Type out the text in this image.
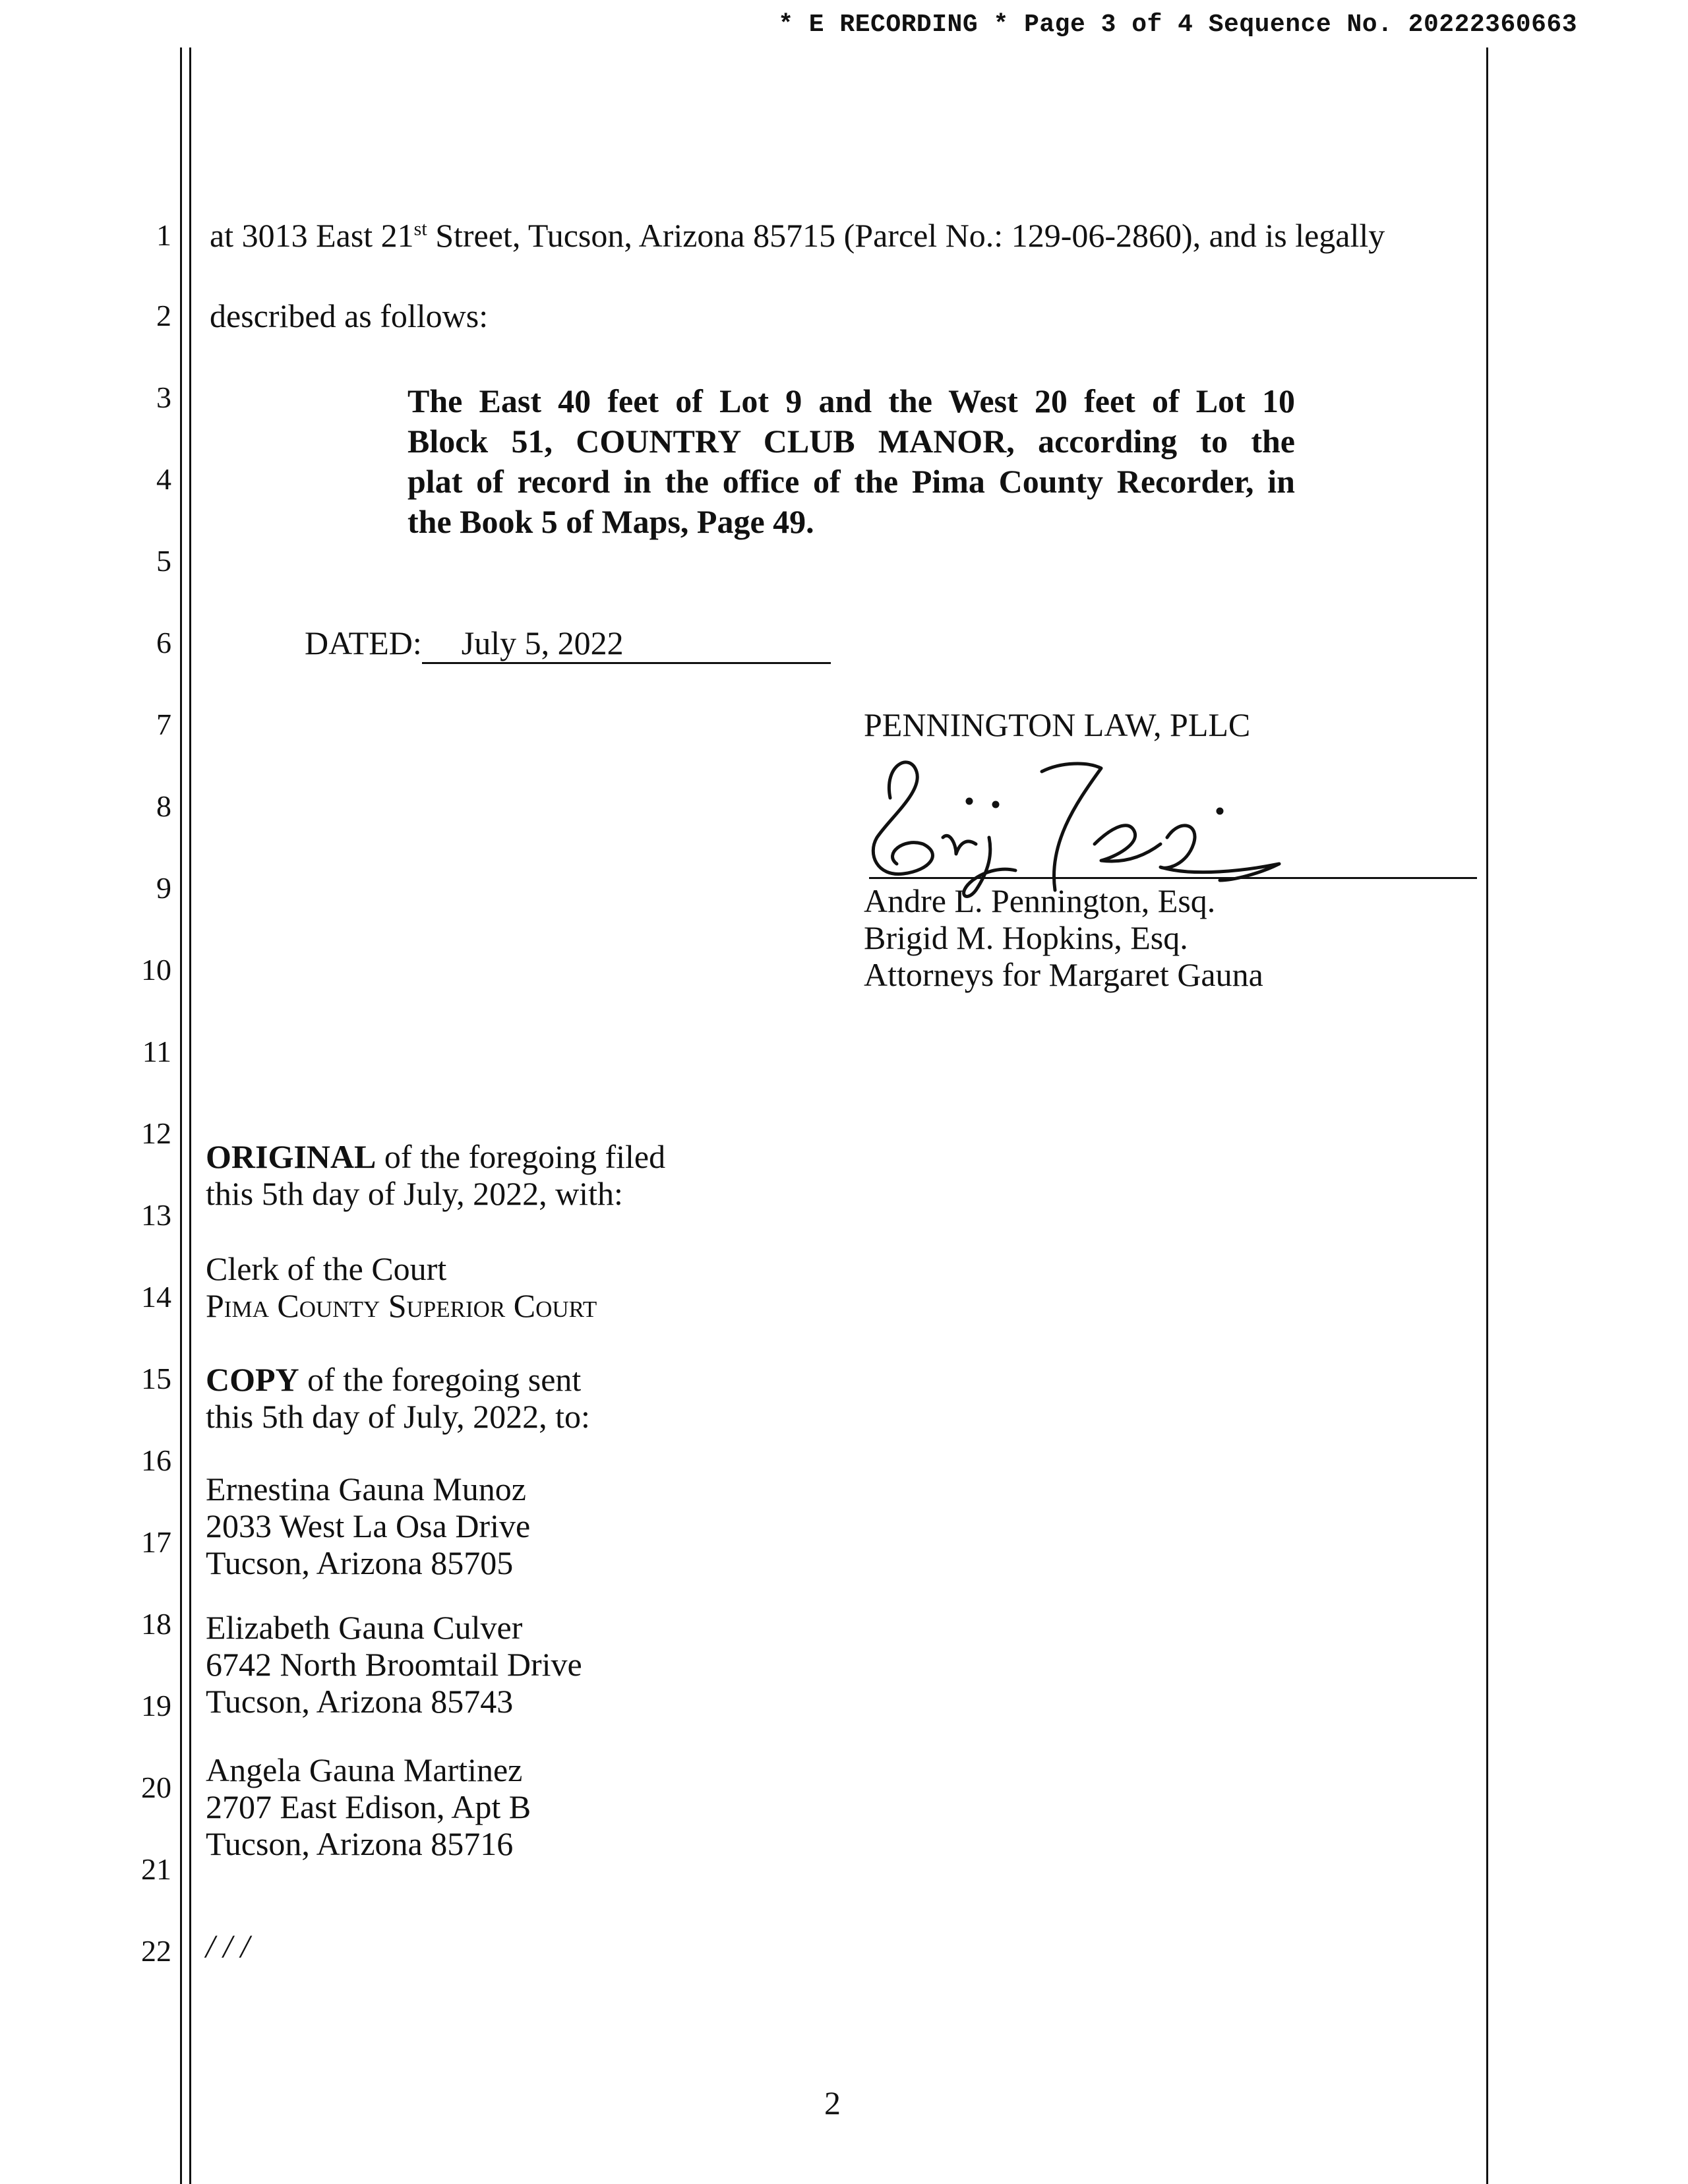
* E RECORDING * Page 3 of 4 Sequence No. 20222360663
1
2
3
4
5
6
7
8
9
10
11
12
13
14
15
16
17
18
19
20
21
22
at 3013 East 21st Street, Tucson, Arizona 85715 (Parcel No.: 129-06-2860), and is legally
described as follows:
The East 40 feet of Lot 9 and the West 20 feet of Lot 10
Block 51, COUNTRY CLUB MANOR, according to the
plat of record in the office of the Pima County Recorder, in
the Book 5 of Maps, Page 49.
DATED: July 5, 2022
PENNINGTON LAW, PLLC
Andre L. Pennington, Esq.
Brigid M. Hopkins, Esq.
Attorneys for Margaret Gauna
ORIGINAL of the foregoing filed
this 5th day of July, 2022, with:
Clerk of the Court
Pima County Superior Court
COPY of the foregoing sent
this 5th day of July, 2022, to:
Ernestina Gauna Munoz
2033 West La Osa Drive
Tucson, Arizona 85705
Elizabeth Gauna Culver
6742 North Broomtail Drive
Tucson, Arizona 85743
Angela Gauna Martinez
2707 East Edison, Apt B
Tucson, Arizona 85716
/ / /
2
